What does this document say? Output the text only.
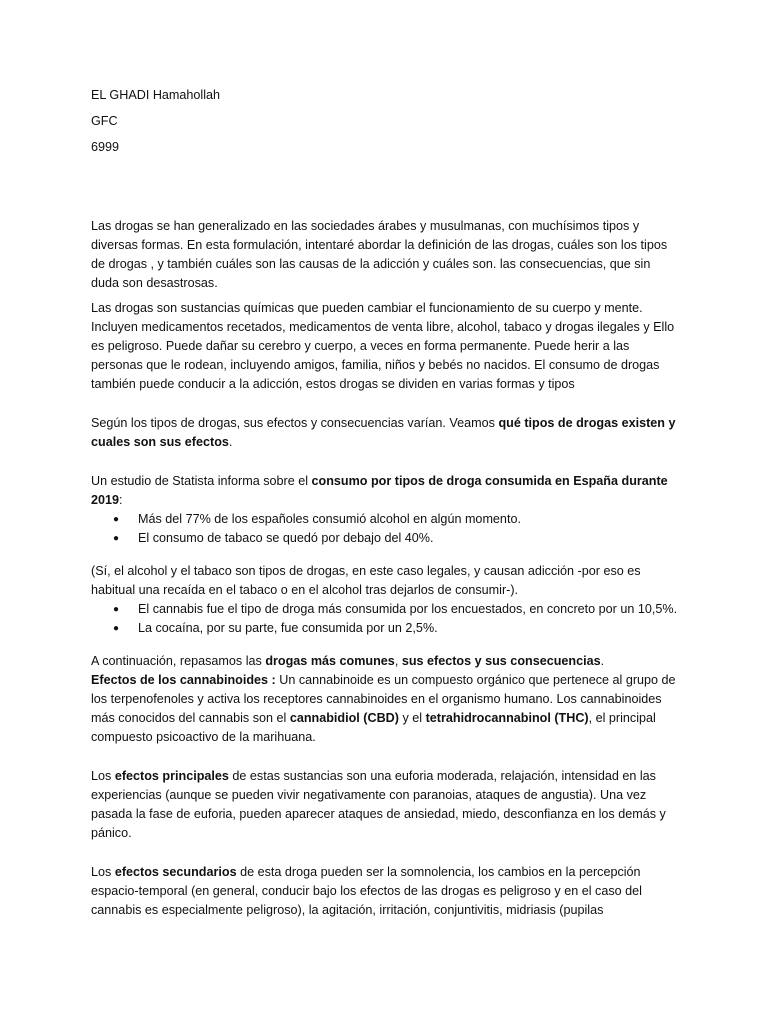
EL GHADI Hamahollah
GFC
6999

Las drogas se han generalizado en las sociedades árabes y musulmanas, con muchísimos tipos y diversas formas. En esta formulación, intentaré abordar la definición de las drogas, cuáles son los tipos de drogas , y también cuáles son las causas de la adicción y cuáles son. las consecuencias, que sin duda son desastrosas.

Las drogas son sustancias químicas que pueden cambiar el funcionamiento de su cuerpo y mente. Incluyen medicamentos recetados, medicamentos de venta libre, alcohol, tabaco y drogas ilegales y Ello es peligroso. Puede dañar su cerebro y cuerpo, a veces en forma permanente. Puede herir a las personas que le rodean, incluyendo amigos, familia, niños y bebés no nacidos. El consumo de drogas también puede conducir a la adicción, estos drogas se dividen en varias formas y tipos

Según los tipos de drogas, sus efectos y consecuencias varían. Veamos qué tipos de drogas existen y cuales son sus efectos.

Un estudio de Statista informa sobre el consumo por tipos de droga consumida en España durante 2019:

● Más del 77% de los españoles consumió alcohol en algún momento.
● El consumo de tabaco se quedó por debajo del 40%.

(Sí, el alcohol y el tabaco son tipos de drogas, en este caso legales, y causan adicción -por eso es habitual una recaída en el tabaco o en el alcohol tras dejarlos de consumir-).

● El cannabis fue el tipo de droga más consumida por los encuestados, en concreto por un 10,5%.
● La cocaína, por su parte, fue consumida por un 2,5%.

A continuación, repasamos las drogas más comunes, sus efectos y sus consecuencias.

Efectos de los cannabinoides : Un cannabinoide es un compuesto orgánico que pertenece al grupo de los terpenofenoles y activa los receptores cannabinoides en el organismo humano. Los cannabinoides más conocidos del cannabis son el cannabidiol (CBD) y el tetrahidrocannabinol (THC), el principal compuesto psicoactivo de la marihuana.

Los efectos principales de estas sustancias son una euforia moderada, relajación, intensidad en las experiencias (aunque se pueden vivir negativamente con paranoias, ataques de angustia). Una vez pasada la fase de euforia, pueden aparecer ataques de ansiedad, miedo, desconfianza en los demás y pánico.

Los efectos secundarios de esta droga pueden ser la somnolencia, los cambios en la percepción espacio-temporal (en general, conducir bajo los efectos de las drogas es peligroso y en el caso del cannabis es especialmente peligroso), la agitación, irritación, conjuntivitis, midriasis (pupilas
